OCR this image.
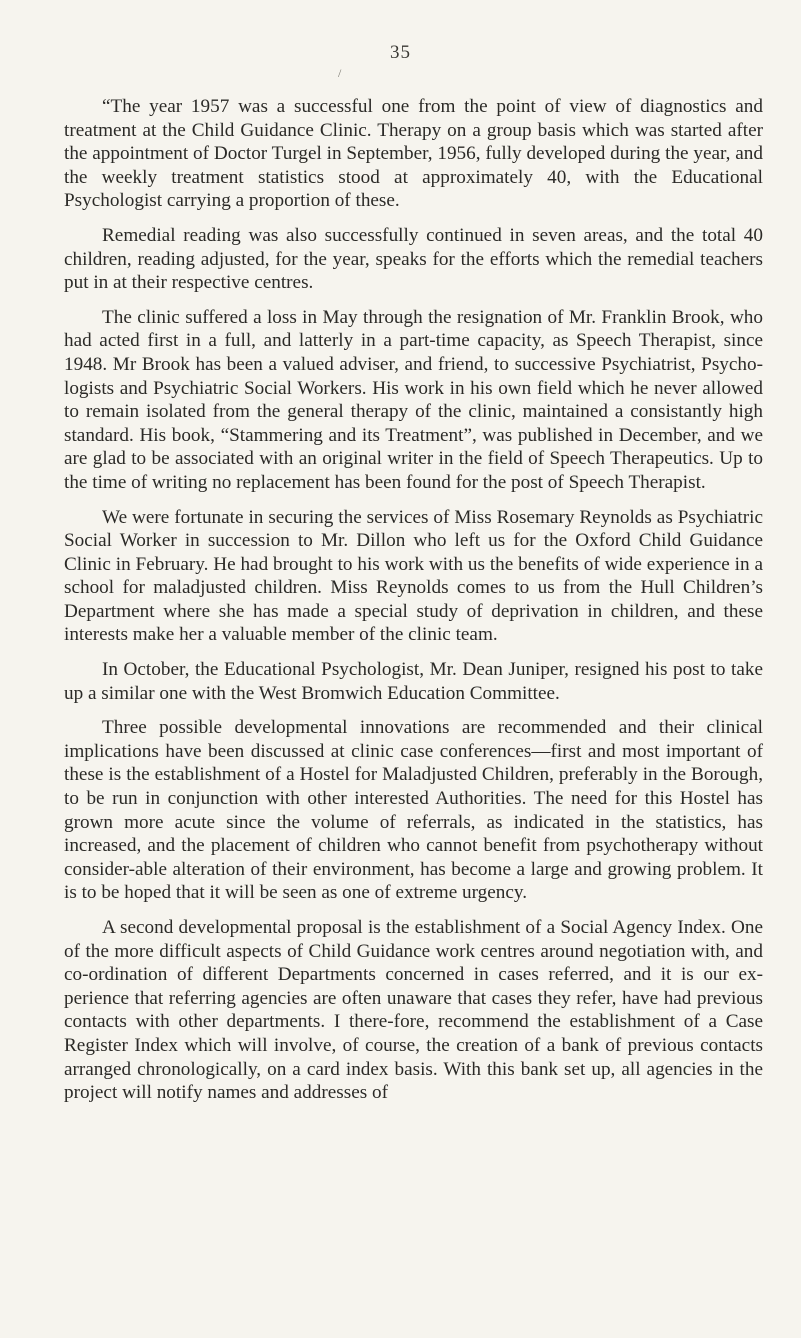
35
/

“The year 1957 was a successful one from the point of view of diagnostics and treatment at the Child Guidance Clinic. Therapy on a group basis which was started after the appointment of Doctor Turgel in September, 1956, fully developed during the year, and the weekly treatment statistics stood at approximately 40, with the Educational Psychologist carrying a proportion of these.

Remedial reading was also successfully continued in seven areas, and the total 40 children, reading adjusted, for the year, speaks for the efforts which the remedial teachers put in at their respective centres.

The clinic suffered a loss in May through the resignation of Mr. Franklin Brook, who had acted first in a full, and latterly in a part-time capacity, as Speech Therapist, since 1948. Mr Brook has been a valued adviser, and friend, to successive Psychiatrist, Psycho-logists and Psychiatric Social Workers. His work in his own field which he never allowed to remain isolated from the general therapy of the clinic, maintained a consistantly high standard. His book, “Stammering and its Treatment”, was published in December, and we are glad to be associated with an original writer in the field of Speech Therapeutics. Up to the time of writing no replacement has been found for the post of Speech Therapist.

We were fortunate in securing the services of Miss Rosemary Reynolds as Psychiatric Social Worker in succession to Mr. Dillon who left us for the Oxford Child Guidance Clinic in February. He had brought to his work with us the benefits of wide experience in a school for maladjusted children. Miss Reynolds comes to us from the Hull Children’s Department where she has made a special study of deprivation in children, and these interests make her a valuable member of the clinic team.

In October, the Educational Psychologist, Mr. Dean Juniper, resigned his post to take up a similar one with the West Bromwich Education Committee.

Three possible developmental innovations are recommended and their clinical implications have been discussed at clinic case conferences—first and most important of these is the establishment of a Hostel for Maladjusted Children, preferably in the Borough, to be run in conjunction with other interested Authorities. The need for this Hostel has grown more acute since the volume of referrals, as indicated in the statistics, has increased, and the placement of children who cannot benefit from psychotherapy without consider-able alteration of their environment, has become a large and growing problem. It is to be hoped that it will be seen as one of extreme urgency.

A second developmental proposal is the establishment of a Social Agency Index. One of the more difficult aspects of Child Guidance work centres around negotiation with, and co-ordination of different Departments concerned in cases referred, and it is our ex-perience that referring agencies are often unaware that cases they refer, have had previous contacts with other departments. I there-fore, recommend the establishment of a Case Register Index which will involve, of course, the creation of a bank of previous contacts arranged chronologically, on a card index basis. With this bank set up, all agencies in the project will notify names and addresses of
